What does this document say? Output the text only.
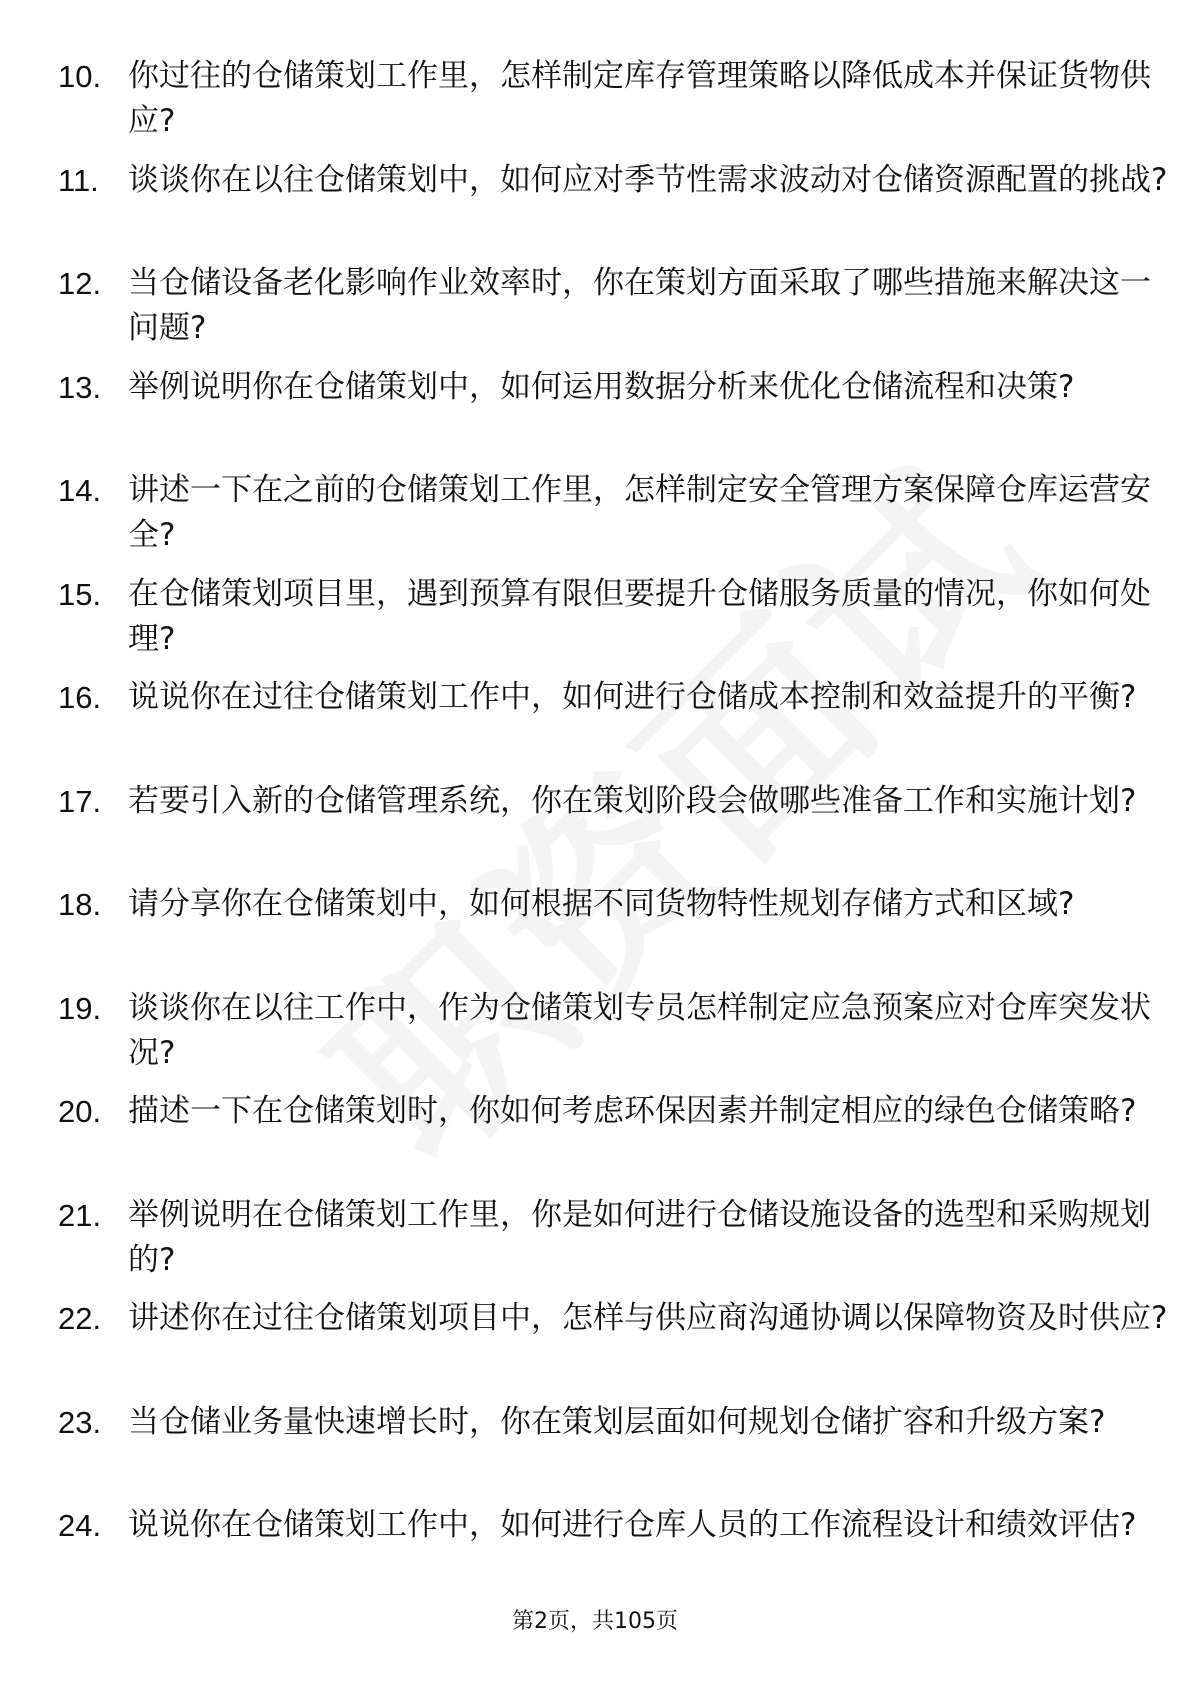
10. 你过往的仓储策划工作里，怎样制定库存管理策略以降低成本并保证货物供应?
11. 谈谈你在以往仓储策划中，如何应对季节性需求波动对仓储资源配置的挑战?
12. 当仓储设备老化影响作业效率时，你在策划方面采取了哪些措施来解决这一问题?
13. 举例说明你在仓储策划中，如何运用数据分析来优化仓储流程和决策?
14. 讲述一下在之前的仓储策划工作里，怎样制定安全管理方案保障仓库运营安全?
15. 在仓储策划项目里，遇到预算有限但要提升仓储服务质量的情况，你如何处理?
16. 说说你在过往仓储策划工作中，如何进行仓储成本控制和效益提升的平衡?
17. 若要引入新的仓储管理系统，你在策划阶段会做哪些准备工作和实施计划?
18. 请分享你在仓储策划中，如何根据不同货物特性规划存储方式和区域?
19. 谈谈你在以往工作中，作为仓储策划专员怎样制定应急预案应对仓库突发状况?
20. 描述一下在仓储策划时，你如何考虑环保因素并制定相应的绿色仓储策略?
21. 举例说明在仓储策划工作里，你是如何进行仓储设施设备的选型和采购规划的?
22. 讲述你在过往仓储策划项目中，怎样与供应商沟通协调以保障物资及时供应?
23. 当仓储业务量快速增长时，你在策划层面如何规划仓储扩容和升级方案?
24. 说说你在仓储策划工作中，如何进行仓库人员的工作流程设计和绩效评估?
第2页，共105页
